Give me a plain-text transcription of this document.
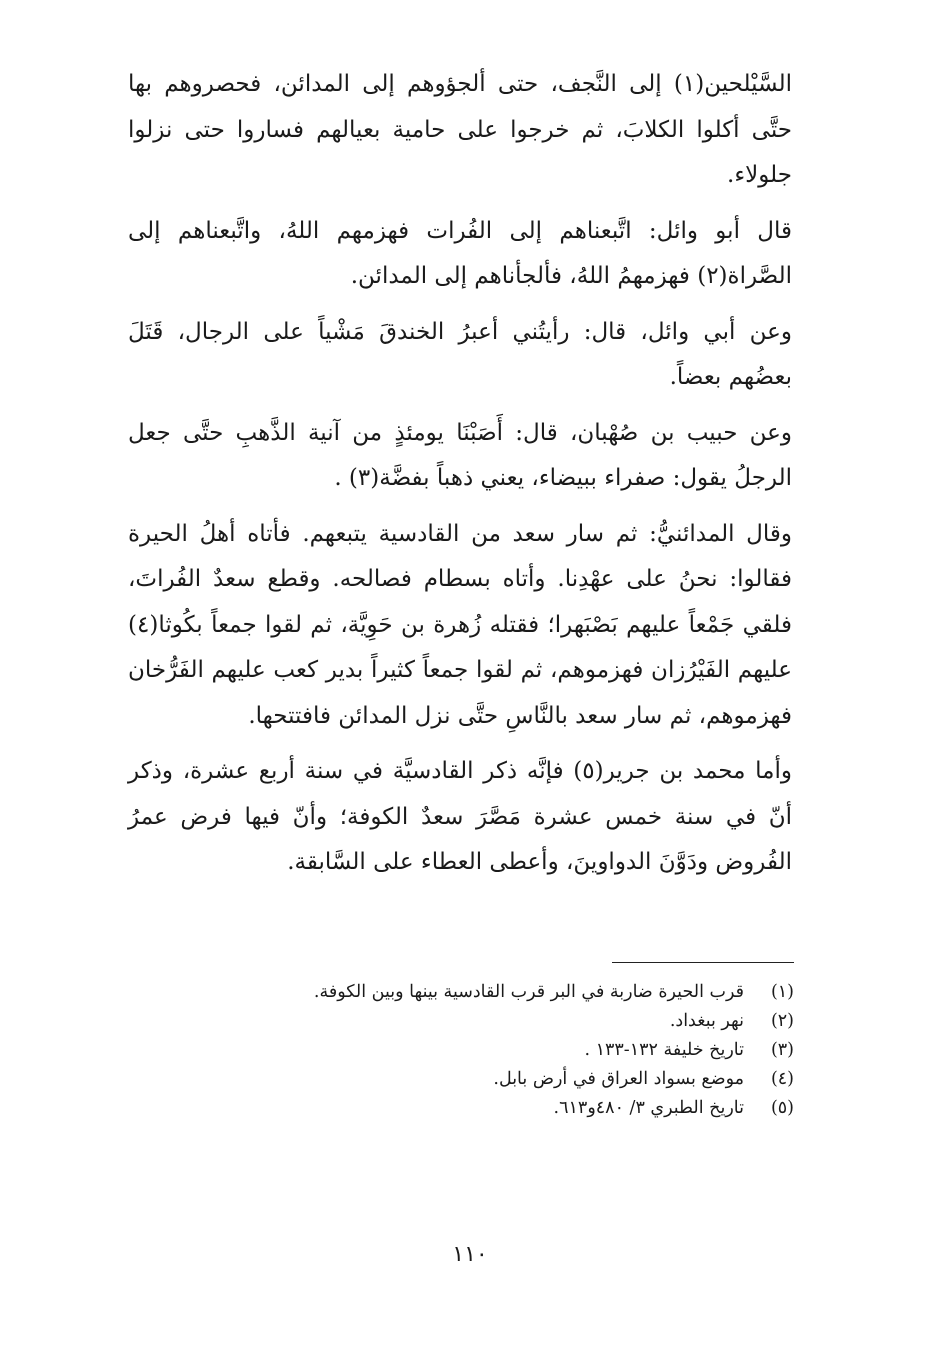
السَّيْلحين(١) إلى النَّجف، حتى ألجؤوهم إلى المدائن، فحصروهم بها حتَّى أكلوا الكلابَ، ثم خرجوا على حامية بعيالهم فساروا حتى نزلوا جلولاء.

قال أبو وائل: اتَّبعناهم إلى الفُرات فهزمهم اللهُ، واتَّبعناهم إلى الصَّراة(٢) فهزمهمُ اللهُ، فألجأناهم إلى المدائن.

وعن أبي وائل، قال: رأيتُني أعبرُ الخندقَ مَشْياً على الرجال، قَتَلَ بعضُهم بعضاً.

وعن حبيب بن صُهْبان، قال: أَصَبْنَا يومئذٍ من آنية الذَّهبِ حتَّى جعل الرجلُ يقول: صفراء ببيضاء، يعني ذهباً بفضَّة(٣) .

وقال المدائنيُّ: ثم سار سعد من القادسية يتبعهم. فأتاه أهلُ الحيرة فقالوا: نحنُ على عهْدِنا. وأتاه بسطام فصالحه. وقطع سعدٌ الفُراتَ، فلقي جَمْعاً عليهم بَصْبَهرا؛ فقتله زُهرة بن حَوِيَّة، ثم لقوا جمعاً بكُوثا(٤) عليهم الفَيْرُزان فهزموهم، ثم لقوا جمعاً كثيراً بدير كعب عليهم الفَرُّخان فهزموهم، ثم سار سعد بالنَّاسِ حتَّى نزل المدائن فافتتحها.

وأما محمد بن جرير(٥) فإنَّه ذكر القادسيَّة في سنة أربع عشرة، وذكر أنّ في سنة خمس عشرة مَصَّرَ سعدٌ الكوفة؛ وأنّ فيها فرض عمرُ الفُروض ودَوَّنَ الدواوينَ، وأعطى العطاء على السَّابقة.

(١)
قرب الحيرة ضاربة في البر قرب القادسية بينها وبين الكوفة.
(٢)
نهر ببغداد.
(٣)
تاريخ خليفة ١٣٢-١٣٣ .
(٤)
موضع بسواد العراق في أرض بابل.
(٥)
تاريخ الطبري ٣/ ٤٨٠و٦١٣.
١١٠
